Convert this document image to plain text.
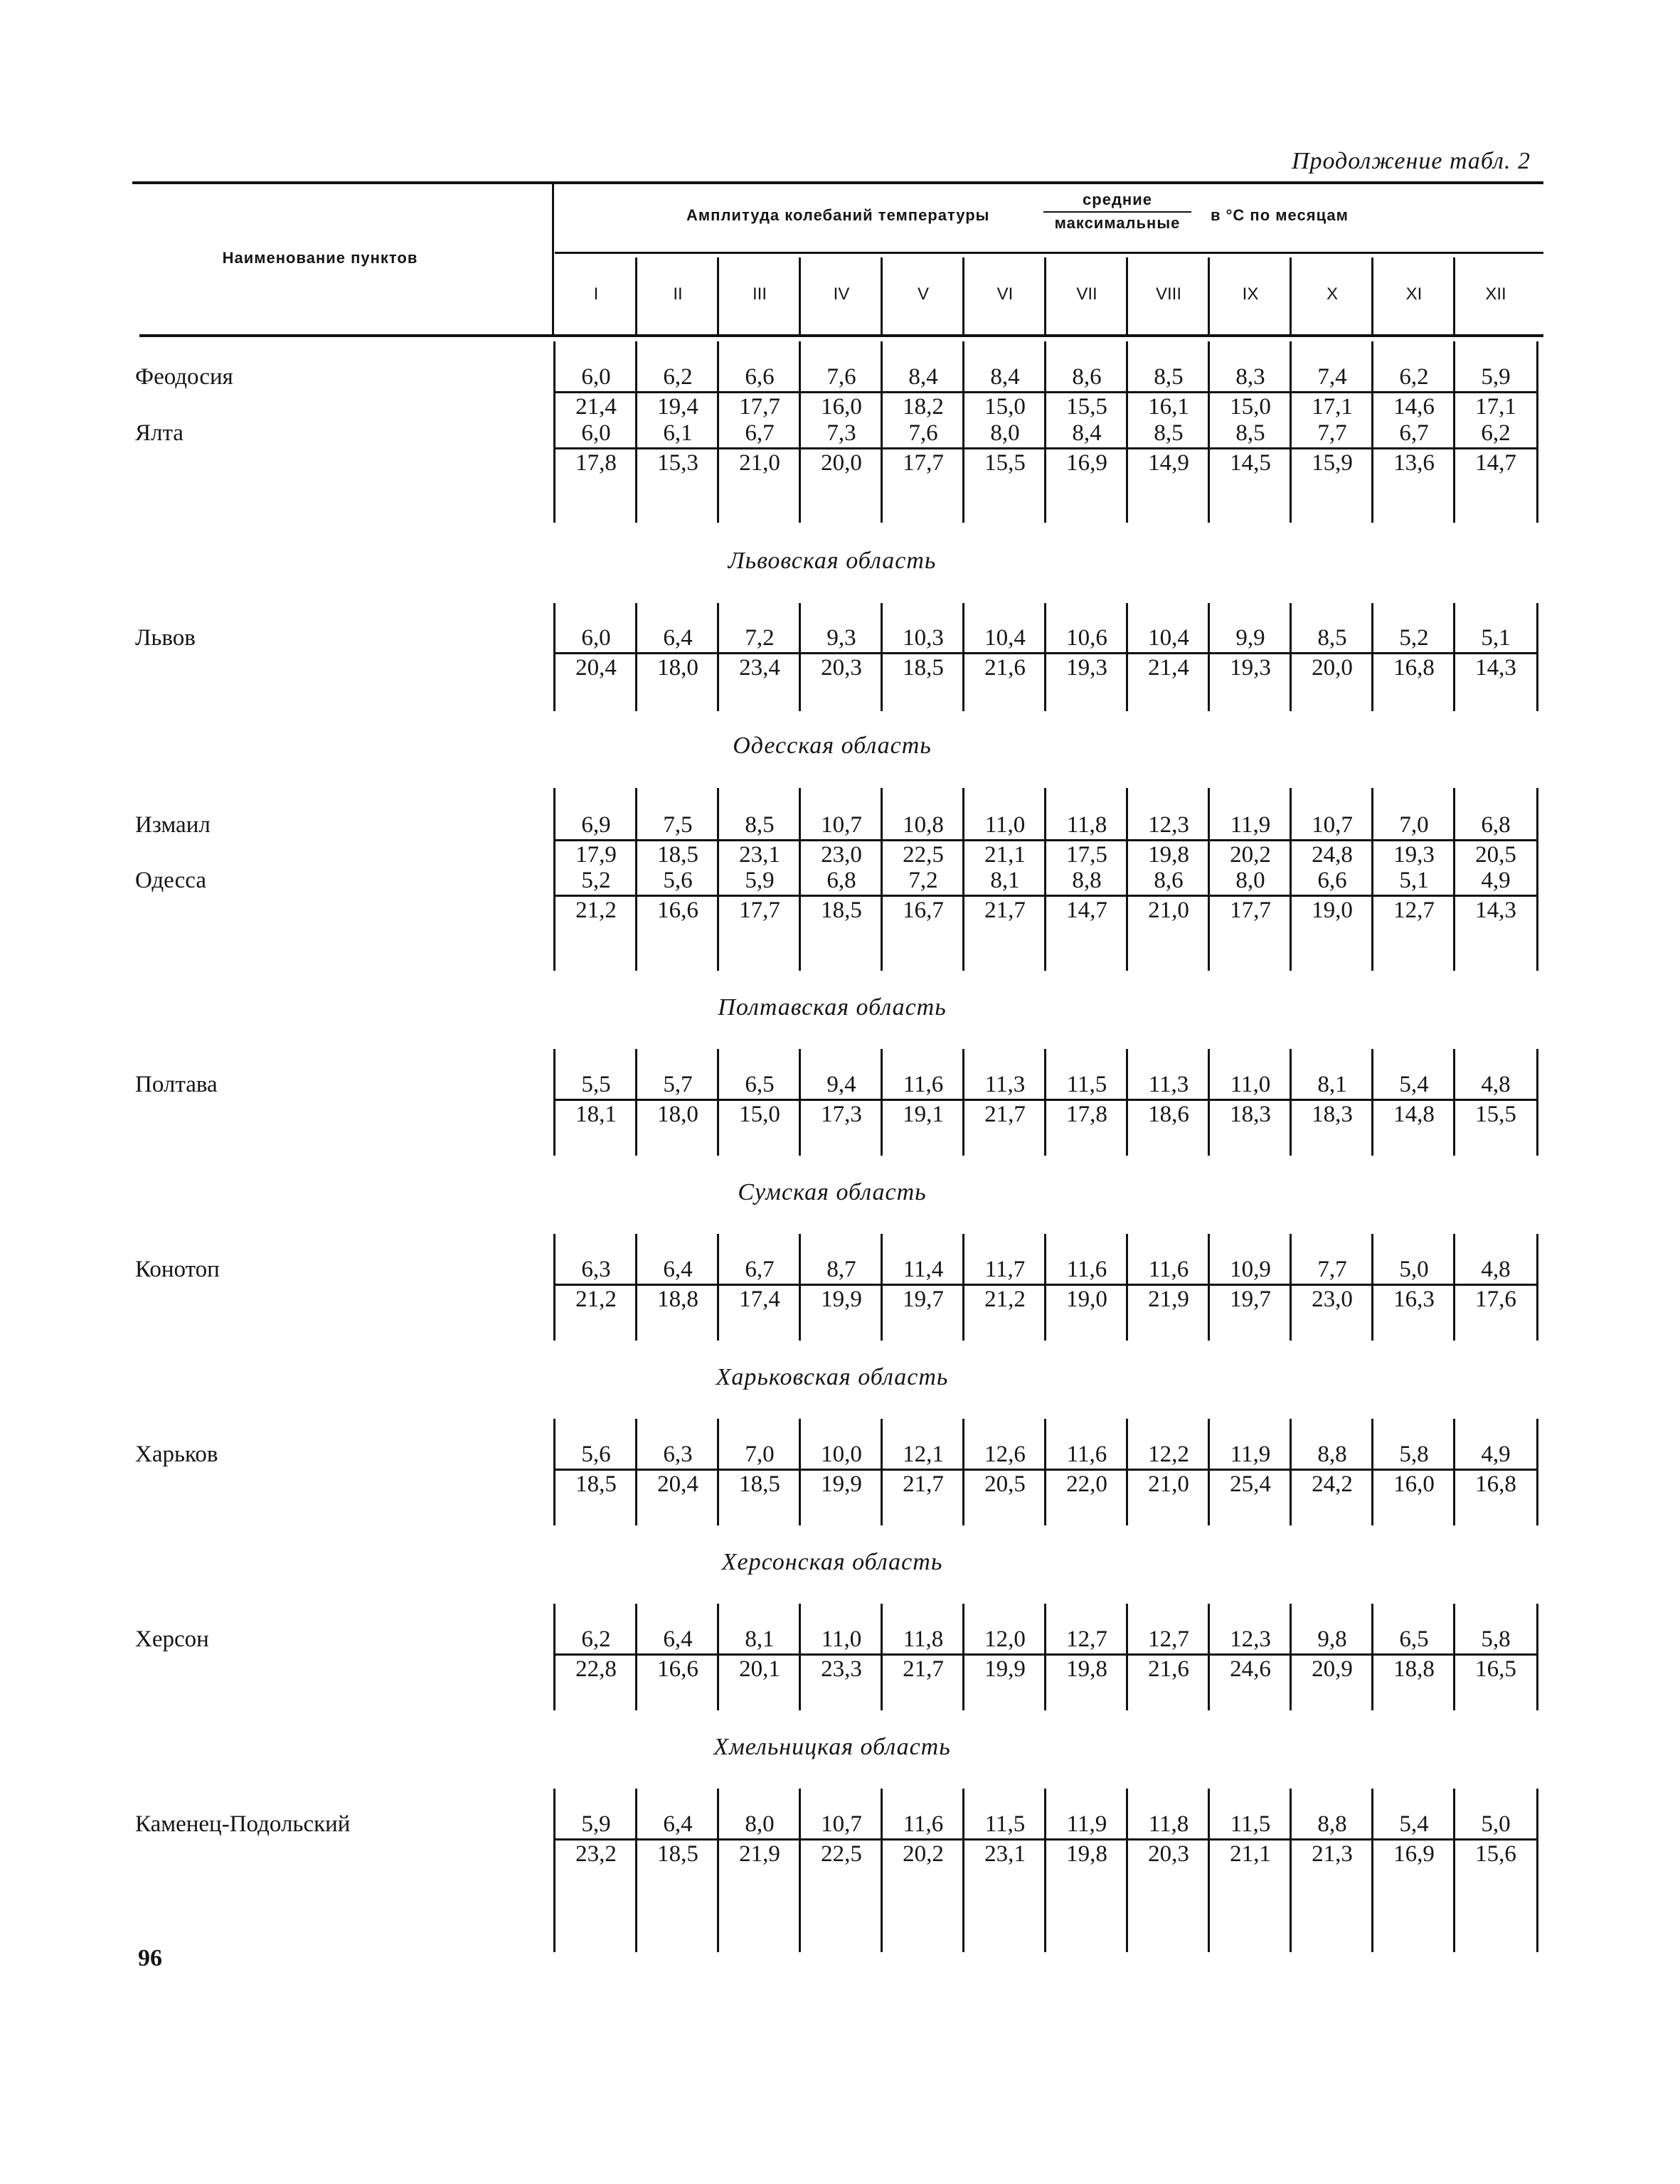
Продолжение табл. 2
Наименование пунктов
Амплитуда колебаний температуры
средние
максимальные	в °C по месяцам
I	II	III	IV	V	VI	VII	VIII	IX	X	XI	XII
Феодосия	$\frac{6,0}{21,4} \frac{6,2}{19,4} \frac{6,6}{17,7} \frac{7,6}{16,0} \frac{8,4}{18,2} \frac{8,4}{15,0} \frac{8,6}{15,5} \frac{8,5}{16,1} \frac{8,3}{15,0} \frac{7,4}{17,1} \frac{6,2}{14,6} \frac{5,9}{17,1}$
Ялта	$\frac{6,0}{17,8} \frac{6,1}{15,3} \frac{6,7}{21,0} \frac{7,3}{20,0} \frac{7,6}{17,7} \frac{8,0}{15,5} \frac{8,4}{16,9} \frac{8,5}{14,9} \frac{8,5}{14,5} \frac{7,7}{15,9} \frac{6,7}{13,6} \frac{6,2}{14,7}$
Львовская область
Львов	$\frac{6,0}{20,4} \frac{6,4}{18,0} \frac{7,2}{23,4} \frac{9,3}{20,3} \frac{10,3}{18,5} \frac{10,4}{21,6} \frac{10,6}{19,3} \frac{10,4}{21,4} \frac{9,9}{19,3} \frac{8,5}{20,0} \frac{5,2}{16,8} \frac{5,1}{14,3}$
Одесская область
Измаил	$\frac{6,9}{17,9} \frac{7,5}{18,5} \frac{8,5}{23,1} \frac{10,7}{23,0} \frac{10,8}{22,5} \frac{11,0}{21,1} \frac{11,8}{17,5} \frac{12,3}{19,8} \frac{11,9}{20,2} \frac{10,7}{24,8} \frac{7,0}{19,3} \frac{6,8}{20,5}$
Одесса	$\frac{5,2}{21,2} \frac{5,6}{16,6} \frac{5,9}{17,7} \frac{6,8}{18,5} \frac{7,2}{16,7} \frac{8,1}{21,7} \frac{8,8}{14,7} \frac{8,6}{21,0} \frac{8,0}{17,7} \frac{6,6}{19,0} \frac{5,1}{12,7} \frac{4,9}{14,3}$
Полтавская область
Полтава	$\frac{5,5}{18,1} \frac{5,7}{18,0} \frac{6,5}{15,0} \frac{9,4}{17,3} \frac{11,6}{19,1} \frac{11,3}{21,7} \frac{11,5}{17,8} \frac{11,3}{18,6} \frac{11,0}{18,3} \frac{8,1}{18,3} \frac{5,4}{14,8} \frac{4,8}{15,5}$
Сумская область
Конотоп	$\frac{6,3}{21,2} \frac{6,4}{18,8} \frac{6,7}{17,4} \frac{8,7}{19,9} \frac{11,4}{19,7} \frac{11,7}{21,2} \frac{11,6}{19,0} \frac{11,6}{21,9} \frac{10,9}{19,7} \frac{7,7}{23,0} \frac{5,0}{16,3} \frac{4,8}{17,6}$
Харьковская область
Харьков	$\frac{5,6}{18,5} \frac{6,3}{20,4} \frac{7,0}{18,5} \frac{10,0}{19,9} \frac{12,1}{21,7} \frac{12,6}{20,5} \frac{11,6}{22,0} \frac{12,2}{21,0} \frac{11,9}{25,4} \frac{8,8}{24,2} \frac{5,8}{16,0} \frac{4,9}{16,8}$
Херсонская область
Херсон	$\frac{6,2}{22,8} \frac{6,4}{16,6} \frac{8,1}{20,1} \frac{11,0}{23,3} \frac{11,8}{21,7} \frac{12,0}{19,9} \frac{12,7}{19,8} \frac{12,7}{21,6} \frac{12,3}{24,6} \frac{9,8}{20,9} \frac{6,5}{18,8} \frac{5,8}{16,5}$
Хмельницкая область
Каменец-Подольский	$\frac{5,9}{23,2} \frac{6,4}{18,5} \frac{8,0}{21,9} \frac{10,7}{22,5} \frac{11,6}{20,2} \frac{11,5}{23,1} \frac{11,9}{19,8} \frac{11,8}{20,3} \frac{11,5}{21,1} \frac{8,8}{21,3} \frac{5,4}{16,9} \frac{5,0}{15,6}$
96
